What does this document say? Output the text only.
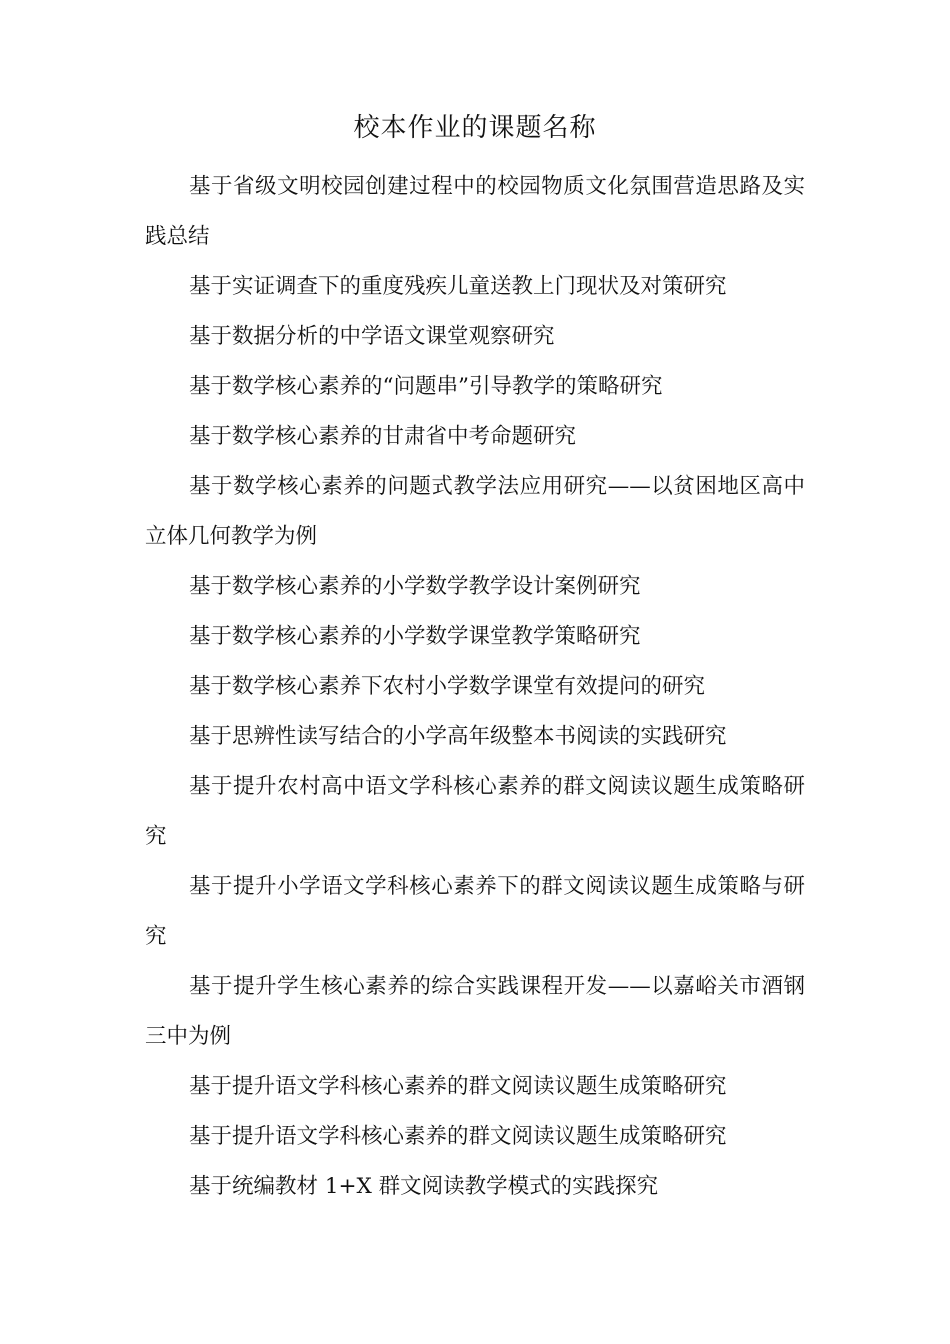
校本作业的课题名称
基于省级文明校园创建过程中的校园物质文化氛围营造思路及实践总结
基于实证调查下的重度残疾儿童送教上门现状及对策研究
基于数据分析的中学语文课堂观察研究
基于数学核心素养的“问题串”引导教学的策略研究
基于数学核心素养的甘肃省中考命题研究
基于数学核心素养的问题式教学法应用研究——以贫困地区高中立体几何教学为例
基于数学核心素养的小学数学教学设计案例研究
基于数学核心素养的小学数学课堂教学策略研究
基于数学核心素养下农村小学数学课堂有效提问的研究
基于思辨性读写结合的小学高年级整本书阅读的实践研究
基于提升农村高中语文学科核心素养的群文阅读议题生成策略研究
基于提升小学语文学科核心素养下的群文阅读议题生成策略与研究
基于提升学生核心素养的综合实践课程开发——以嘉峪关市酒钢三中为例
基于提升语文学科核心素养的群文阅读议题生成策略研究
基于提升语文学科核心素养的群文阅读议题生成策略研究
基于统编教材 1+X 群文阅读教学模式的实践探究
